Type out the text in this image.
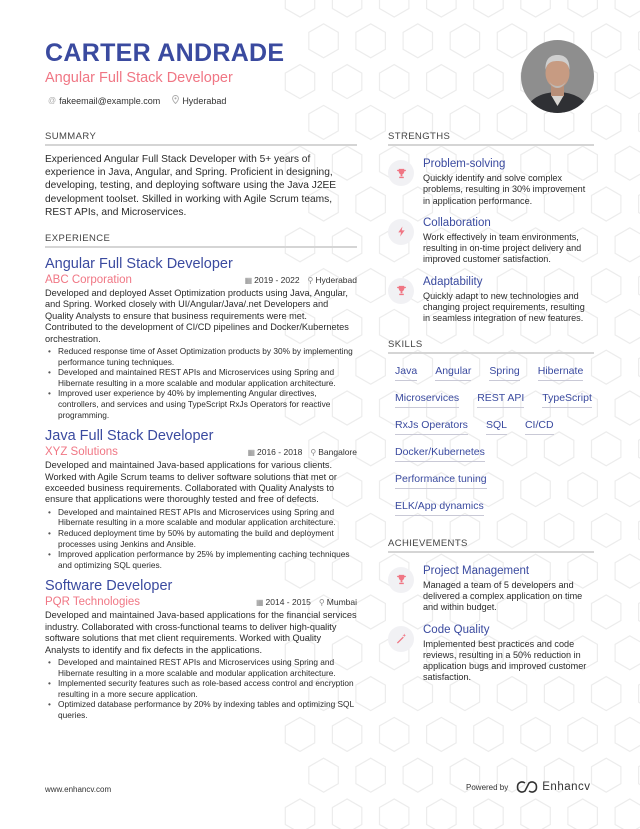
CARTER ANDRADE
Angular Full Stack Developer
@ fakeemail@example.com Hyderabad
SUMMARY
Experienced Angular Full Stack Developer with 5+ years of experience in Java, Angular, and Spring. Proficient in designing, developing, testing, and deploying software using the Java J2EE development toolset. Skilled in working with Agile Scrum teams, REST APIs, and Microservices.
EXPERIENCE
Angular Full Stack Developer
ABC Corporation	▦ 2019 - 2022 ⚲ Hyderabad
Developed and deployed Asset Optimization products using Java, Angular, and Spring. Worked closely with UI/Angular/Java/.net Developers and Quality Analysts to ensure that business requirements were met. Contributed to the development of CI/CD pipelines and Docker/Kubernetes orchestration.
• Reduced response time of Asset Optimization products by 30% by implementing performance tuning techniques.
• Developed and maintained REST APIs and Microservices using Spring and Hibernate resulting in a more scalable and modular application architecture.
• Improved user experience by 40% by implementing Angular directives, controllers, and services and using TypeScript RxJs Operators for reactive programming.
Java Full Stack Developer
XYZ Solutions	▦ 2016 - 2018 ⚲ Bangalore
Developed and maintained Java-based applications for various clients. Worked with Agile Scrum teams to deliver software solutions that met or exceeded business requirements. Collaborated with Quality Analysts to ensure that applications were thoroughly tested and free of defects.
• Developed and maintained REST APIs and Microservices using Spring and Hibernate resulting in a more scalable and modular application architecture.
• Reduced deployment time by 50% by automating the build and deployment processes using Jenkins and Ansible.
• Improved application performance by 25% by implementing caching techniques and optimizing SQL queries.
Software Developer
PQR Technologies	▦ 2014 - 2015 ⚲ Mumbai
Developed and maintained Java-based applications for the financial services industry. Collaborated with cross-functional teams to deliver high-quality software solutions that met client requirements. Worked with Quality Analysts to identify and fix defects in the applications.
• Developed and maintained REST APIs and Microservices using Spring and Hibernate resulting in a more scalable and modular application architecture.
• Implemented security features such as role-based access control and encryption resulting in a more secure application.
• Optimized database performance by 20% by indexing tables and optimizing SQL queries.
STRENGTHS
Problem-solving
Quickly identify and solve complex problems, resulting in 30% improvement in application performance.
Collaboration
Work effectively in team environments, resulting in on-time project delivery and improved customer satisfaction.
Adaptability
Quickly adapt to new technologies and changing project requirements, resulting in seamless integration of new features.
SKILLS
Java Angular Spring Hibernate
Microservices REST API TypeScript
RxJs Operators SQL CI/CD
Docker/Kubernetes
Performance tuning
ELK/App dynamics
ACHIEVEMENTS
Project Management
Managed a team of 5 developers and delivered a complex application on time and within budget.
Code Quality
Implemented best practices and code reviews, resulting in a 50% reduction in application bugs and improved customer satisfaction.
www.enhancv.com	Powered by	Enhancv
